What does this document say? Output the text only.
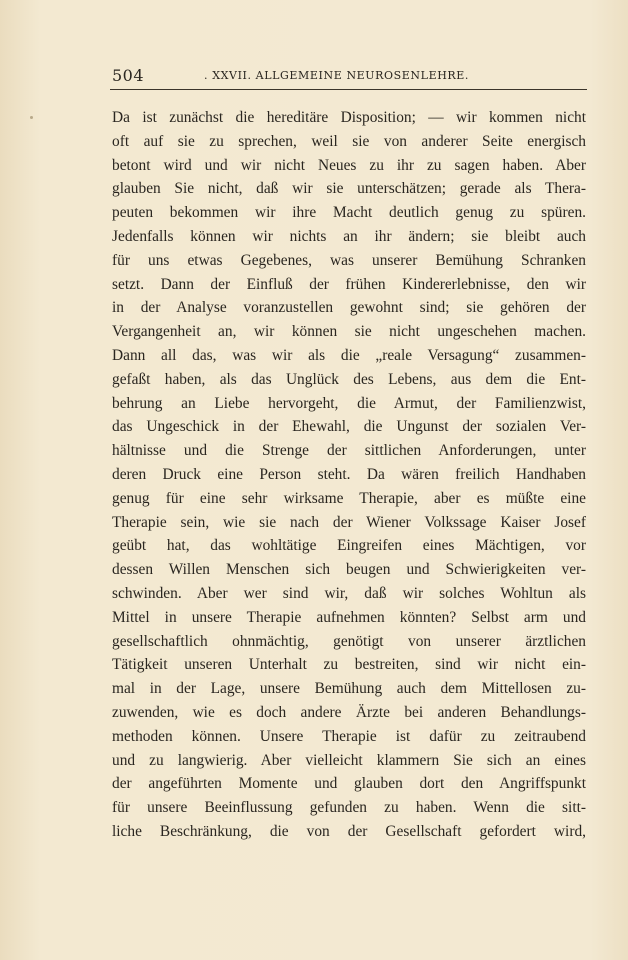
504	. XXVII. ALLGEMEINE NEUROSENLEHRE.
Da ist zunächst die hereditäre Disposition; — wir kommen nicht
oft auf sie zu sprechen, weil sie von anderer Seite energisch
betont wird und wir nicht Neues zu ihr zu sagen haben. Aber
glauben Sie nicht, daß wir sie unterschätzen; gerade als Thera-
peuten bekommen wir ihre Macht deutlich genug zu spüren.
Jedenfalls können wir nichts an ihr ändern; sie bleibt auch
für uns etwas Gegebenes, was unserer Bemühung Schranken
setzt. Dann der Einfluß der frühen Kindererlebnisse, den wir
in der Analyse voranzustellen gewohnt sind; sie gehören der
Vergangenheit an, wir können sie nicht ungeschehen machen.
Dann all das, was wir als die „reale Versagung“ zusammen-
gefaßt haben, als das Unglück des Lebens, aus dem die Ent-
behrung an Liebe hervorgeht, die Armut, der Familienzwist,
das Ungeschick in der Ehewahl, die Ungunst der sozialen Ver-
hältnisse und die Strenge der sittlichen Anforderungen, unter
deren Druck eine Person steht. Da wären freilich Handhaben
genug für eine sehr wirksame Therapie, aber es müßte eine
Therapie sein, wie sie nach der Wiener Volkssage Kaiser Josef
geübt hat, das wohltätige Eingreifen eines Mächtigen, vor
dessen Willen Menschen sich beugen und Schwierigkeiten ver-
schwinden. Aber wer sind wir, daß wir solches Wohltun als
Mittel in unsere Therapie aufnehmen könnten? Selbst arm und
gesellschaftlich ohnmächtig, genötigt von unserer ärztlichen
Tätigkeit unseren Unterhalt zu bestreiten, sind wir nicht ein-
mal in der Lage, unsere Bemühung auch dem Mittellosen zu-
zuwenden, wie es doch andere Ärzte bei anderen Behandlungs-
methoden können. Unsere Therapie ist dafür zu zeitraubend
und zu langwierig. Aber vielleicht klammern Sie sich an eines
der angeführten Momente und glauben dort den Angriffspunkt
für unsere Beeinflussung gefunden zu haben. Wenn die sitt-
liche Beschränkung, die von der Gesellschaft gefordert wird,
